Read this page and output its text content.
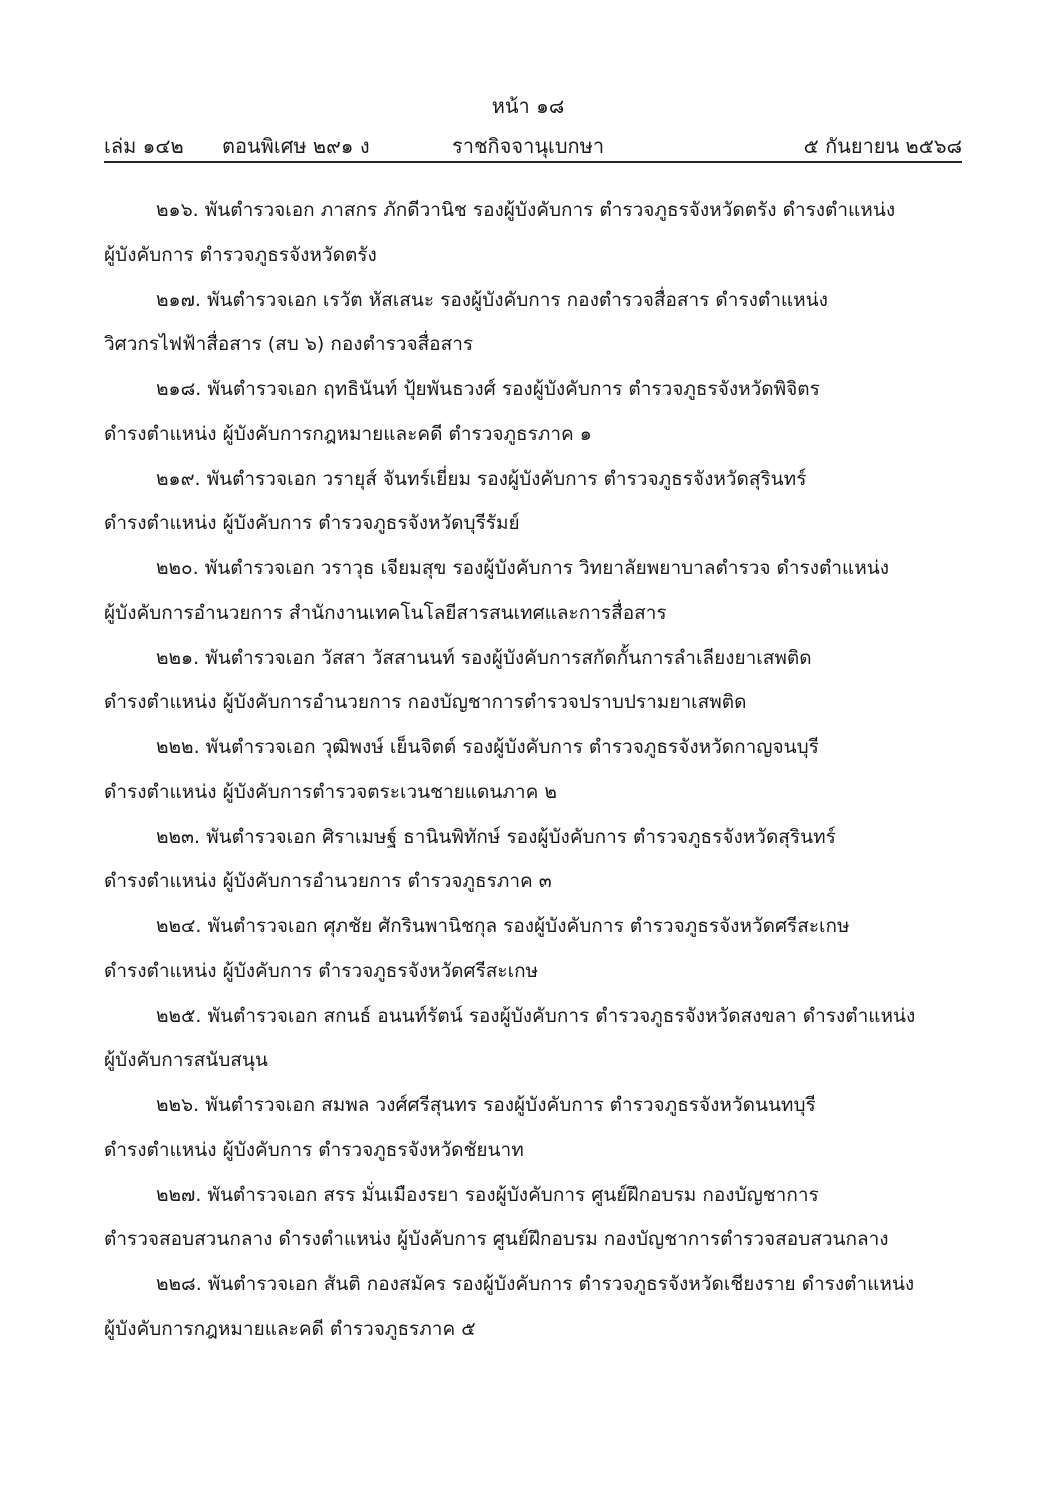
หน้า ๑๘
เล่ม ๑๔๒ ตอนพิเศษ ๒๙๑ ง	ราชกิจจานุเบกษา	๕ กันยายน ๒๕๖๘
๒๑๖. พันตำรวจเอก ภาสกร ภักดีวานิช รองผู้บังคับการ ตำรวจภูธรจังหวัดตรัง ดำรงตำแหน่ง
ผู้บังคับการ ตำรวจภูธรจังหวัดตรัง
๒๑๗. พันตำรวจเอก เรวัต หัสเสนะ รองผู้บังคับการ กองตำรวจสื่อสาร ดำรงตำแหน่ง
วิศวกรไฟฟ้าสื่อสาร (สบ ๖) กองตำรวจสื่อสาร
๒๑๘. พันตำรวจเอก ฤทธินันท์ ปุ้ยพันธวงศ์ รองผู้บังคับการ ตำรวจภูธรจังหวัดพิจิตร
ดำรงตำแหน่ง ผู้บังคับการกฎหมายและคดี ตำรวจภูธรภาค ๑
๒๑๙. พันตำรวจเอก วรายุส์ จันทร์เยี่ยม รองผู้บังคับการ ตำรวจภูธรจังหวัดสุรินทร์
ดำรงตำแหน่ง ผู้บังคับการ ตำรวจภูธรจังหวัดบุรีรัมย์
๒๒๐. พันตำรวจเอก วราวุธ เจียมสุข รองผู้บังคับการ วิทยาลัยพยาบาลตำรวจ ดำรงตำแหน่ง
ผู้บังคับการอำนวยการ สำนักงานเทคโนโลยีสารสนเทศและการสื่อสาร
๒๒๑. พันตำรวจเอก วัสสา วัสสานนท์ รองผู้บังคับการสกัดกั้นการลำเลียงยาเสพติด
ดำรงตำแหน่ง ผู้บังคับการอำนวยการ กองบัญชาการตำรวจปราบปรามยาเสพติด
๒๒๒. พันตำรวจเอก วุฒิพงษ์ เย็นจิตต์ รองผู้บังคับการ ตำรวจภูธรจังหวัดกาญจนบุรี
ดำรงตำแหน่ง ผู้บังคับการตำรวจตระเวนชายแดนภาค ๒
๒๒๓. พันตำรวจเอก ศิราเมษฐ์ ธานินพิทักษ์ รองผู้บังคับการ ตำรวจภูธรจังหวัดสุรินทร์
ดำรงตำแหน่ง ผู้บังคับการอำนวยการ ตำรวจภูธรภาค ๓
๒๒๔. พันตำรวจเอก ศุภชัย ศักรินพานิชกุล รองผู้บังคับการ ตำรวจภูธรจังหวัดศรีสะเกษ
ดำรงตำแหน่ง ผู้บังคับการ ตำรวจภูธรจังหวัดศรีสะเกษ
๒๒๕. พันตำรวจเอก สกนธ์ อนนท์รัตน์ รองผู้บังคับการ ตำรวจภูธรจังหวัดสงขลา ดำรงตำแหน่ง
ผู้บังคับการสนับสนุน
๒๒๖. พันตำรวจเอก สมพล วงศ์ศรีสุนทร รองผู้บังคับการ ตำรวจภูธรจังหวัดนนทบุรี
ดำรงตำแหน่ง ผู้บังคับการ ตำรวจภูธรจังหวัดชัยนาท
๒๒๗. พันตำรวจเอก สรร มั่นเมืองรยา รองผู้บังคับการ ศูนย์ฝึกอบรม กองบัญชาการ
ตำรวจสอบสวนกลาง ดำรงตำแหน่ง ผู้บังคับการ ศูนย์ฝึกอบรม กองบัญชาการตำรวจสอบสวนกลาง
๒๒๘. พันตำรวจเอก สันติ กองสมัคร รองผู้บังคับการ ตำรวจภูธรจังหวัดเชียงราย ดำรงตำแหน่ง
ผู้บังคับการกฎหมายและคดี ตำรวจภูธรภาค ๕
